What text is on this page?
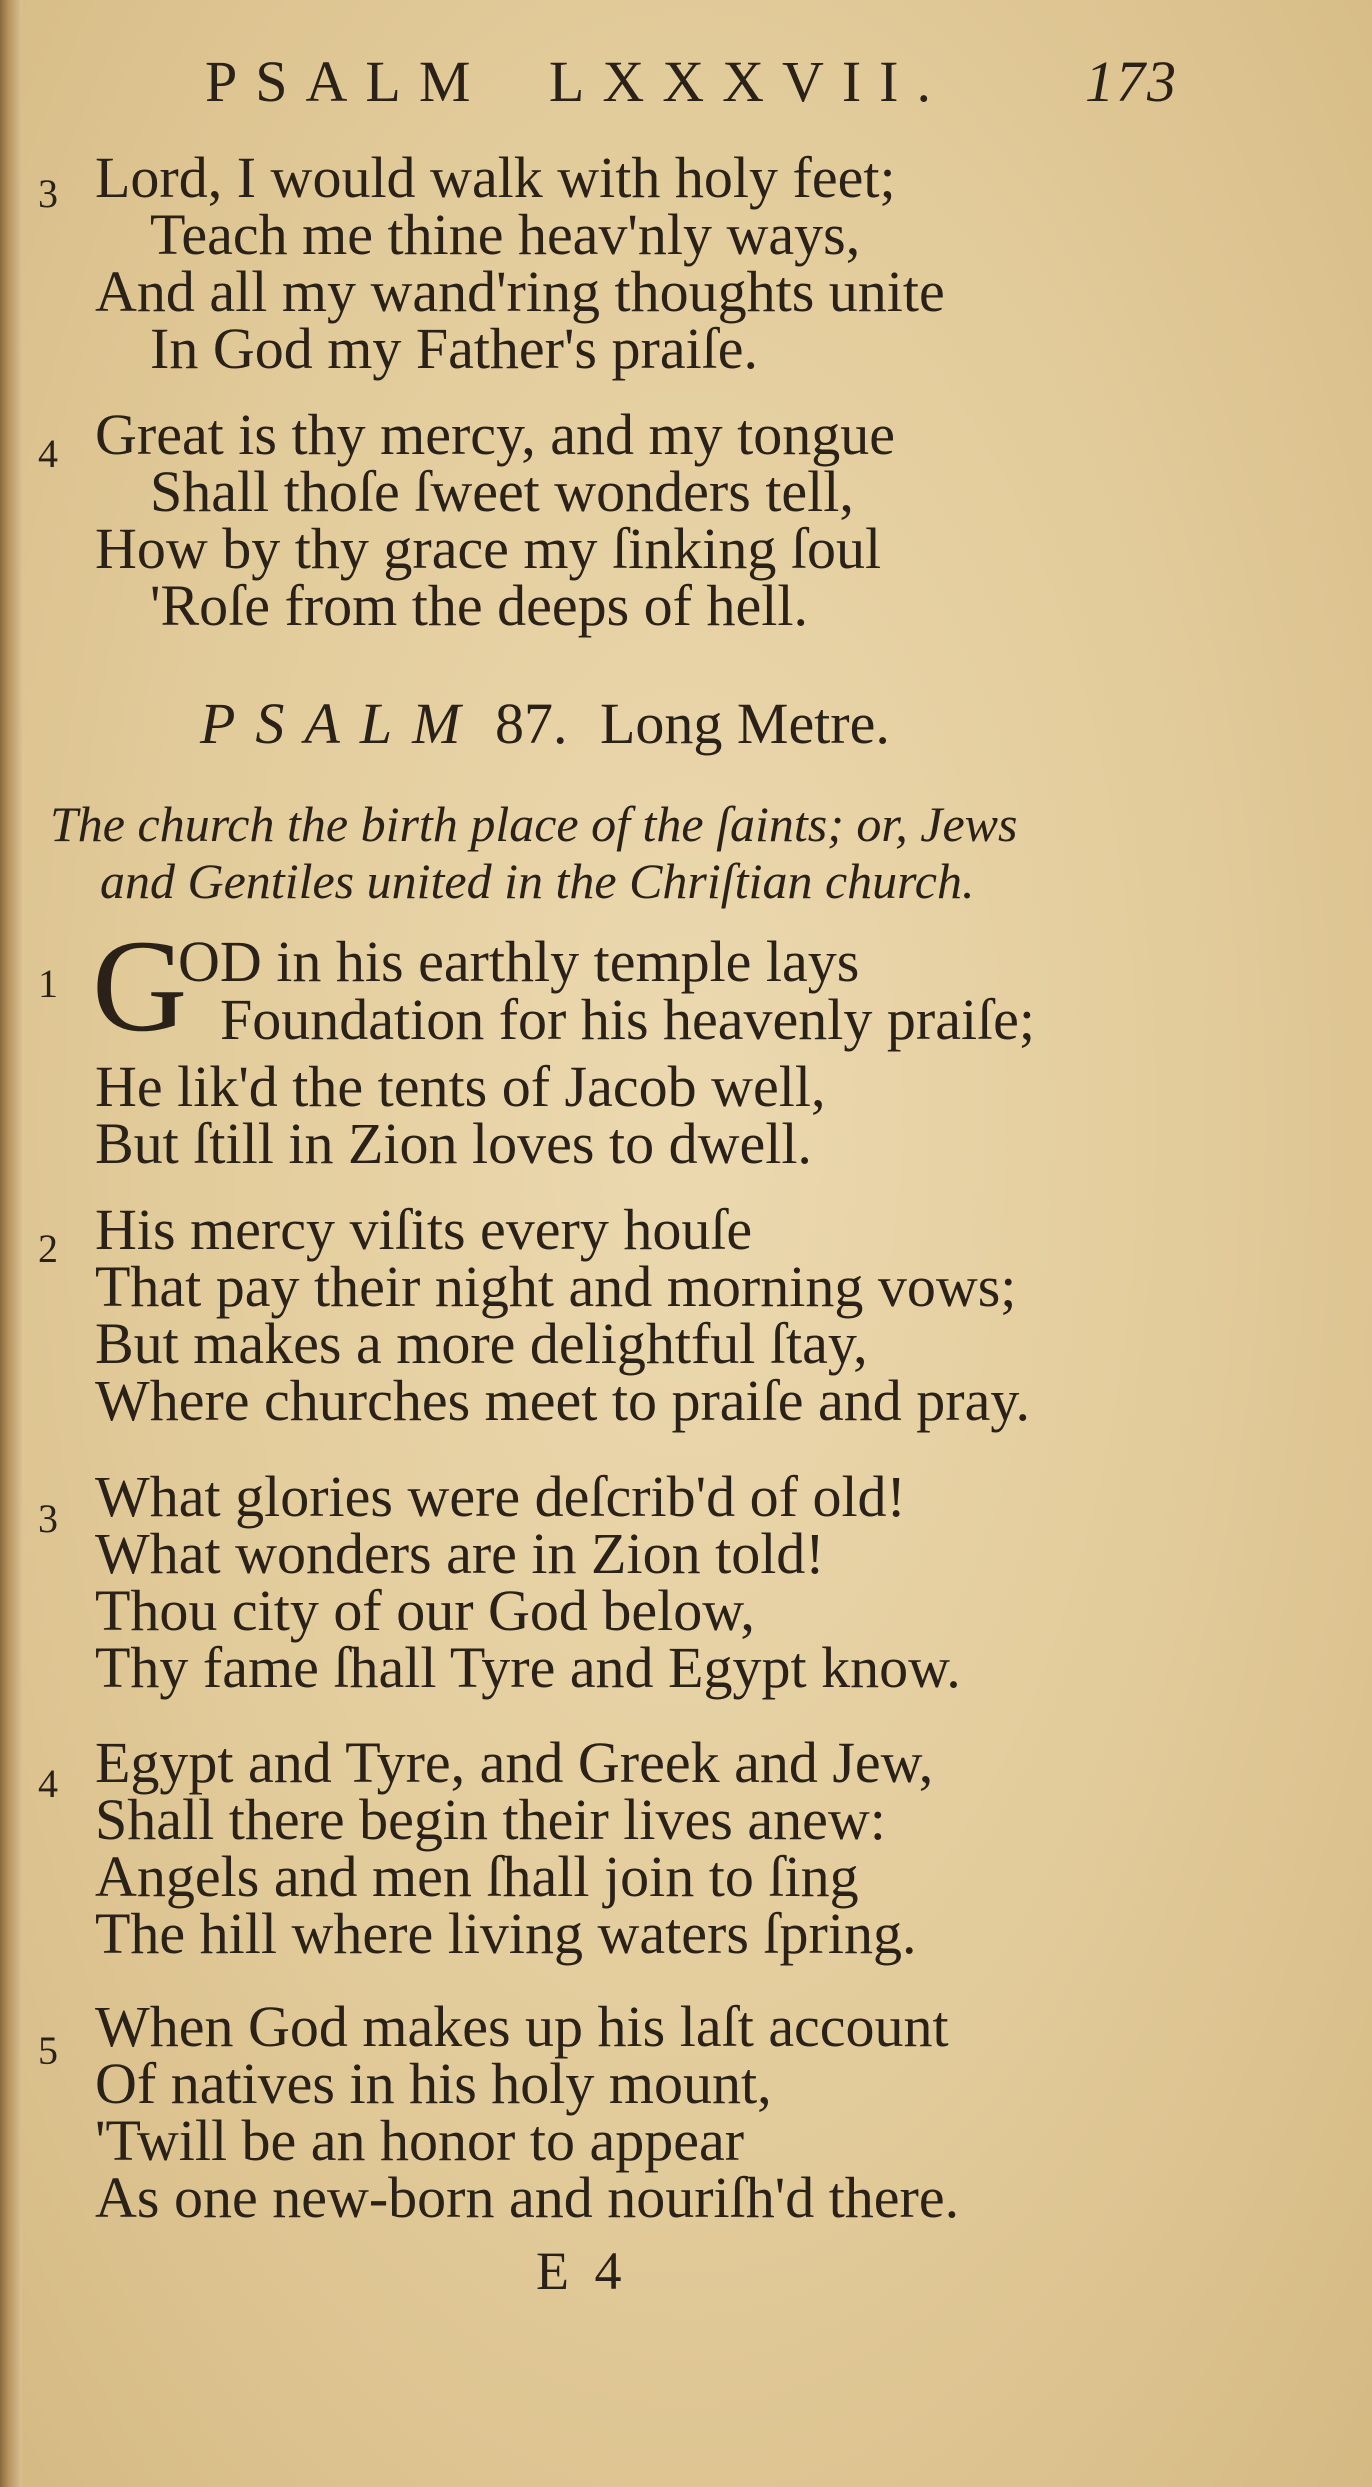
PSALM LXXXVII. 173
3 Lord, I would walk with holy feet;
Teach me thine heav'nly ways,
And all my wand'ring thoughts unite
In God my Father's praiſe.
4 Great is thy mercy, and my tongue
Shall thoſe ſweet wonders tell,
How by thy grace my ſinking ſoul
'Roſe from the deeps of hell.
PSALM 87. Long Metre.
The church the birth place of the ſaints; or, Jews
and Gentiles united in the Chriſtian church.
1 G
OD in his earthly temple lays
Foundation for his heavenly praiſe;
He lik'd the tents of Jacob well,
But ſtill in Zion loves to dwell.
2 His mercy viſits every houſe
That pay their night and morning vows;
But makes a more delightful ſtay,
Where churches meet to praiſe and pray.
3 What glories were deſcrib'd of old!
What wonders are in Zion told!
Thou city of our God below,
Thy fame ſhall Tyre and Egypt know.
4 Egypt and Tyre, and Greek and Jew,
Shall there begin their lives anew:
Angels and men ſhall join to ſing
The hill where living waters ſpring.
5 When God makes up his laſt account
Of natives in his holy mount,
'Twill be an honor to appear
As one new-born and nouriſh'd there.
E 4
